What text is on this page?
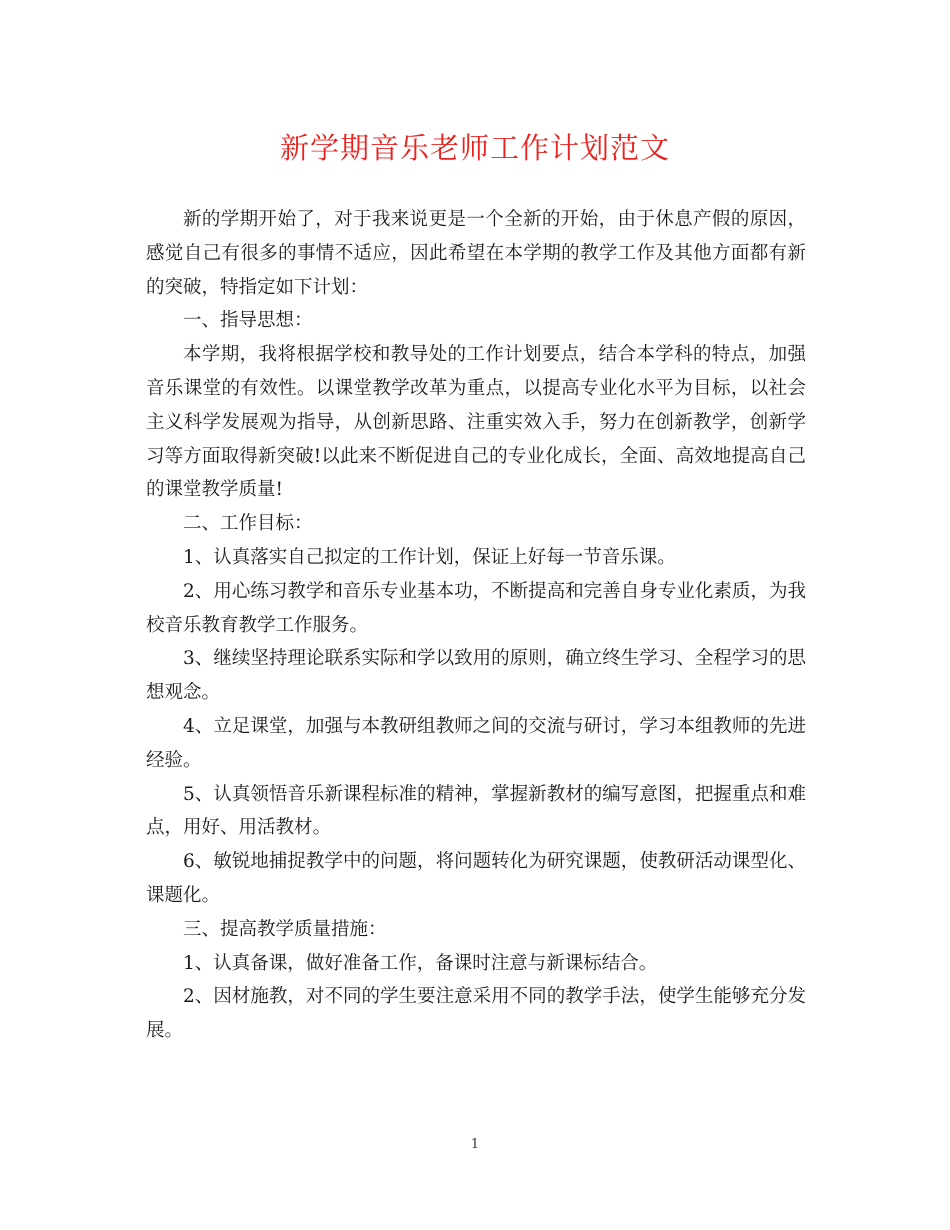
新学期音乐老师工作计划范文

新的学期开始了，对于我来说更是一个全新的开始，由于休息产假的原因，感觉自己有很多的事情不适应，因此希望在本学期的教学工作及其他方面都有新的突破，特指定如下计划：

一、指导思想：

本学期，我将根据学校和教导处的工作计划要点，结合本学科的特点，加强音乐课堂的有效性。以课堂教学改革为重点，以提高专业化水平为目标，以社会主义科学发展观为指导，从创新思路、注重实效入手，努力在创新教学，创新学习等方面取得新突破!以此来不断促进自己的专业化成长，全面、高效地提高自己的课堂教学质量!

二、工作目标：

1、认真落实自己拟定的工作计划，保证上好每一节音乐课。

2、用心练习教学和音乐专业基本功，不断提高和完善自身专业化素质，为我校音乐教育教学工作服务。

3、继续坚持理论联系实际和学以致用的原则，确立终生学习、全程学习的思想观念。

4、立足课堂，加强与本教研组教师之间的交流与研讨，学习本组教师的先进经验。

5、认真领悟音乐新课程标准的精神，掌握新教材的编写意图，把握重点和难点，用好、用活教材。

6、敏锐地捕捉教学中的问题，将问题转化为研究课题，使教研活动课型化、课题化。

三、提高教学质量措施：

1、认真备课，做好准备工作，备课时注意与新课标结合。

2、因材施教，对不同的学生要注意采用不同的教学手法，使学生能够充分发展。

1
